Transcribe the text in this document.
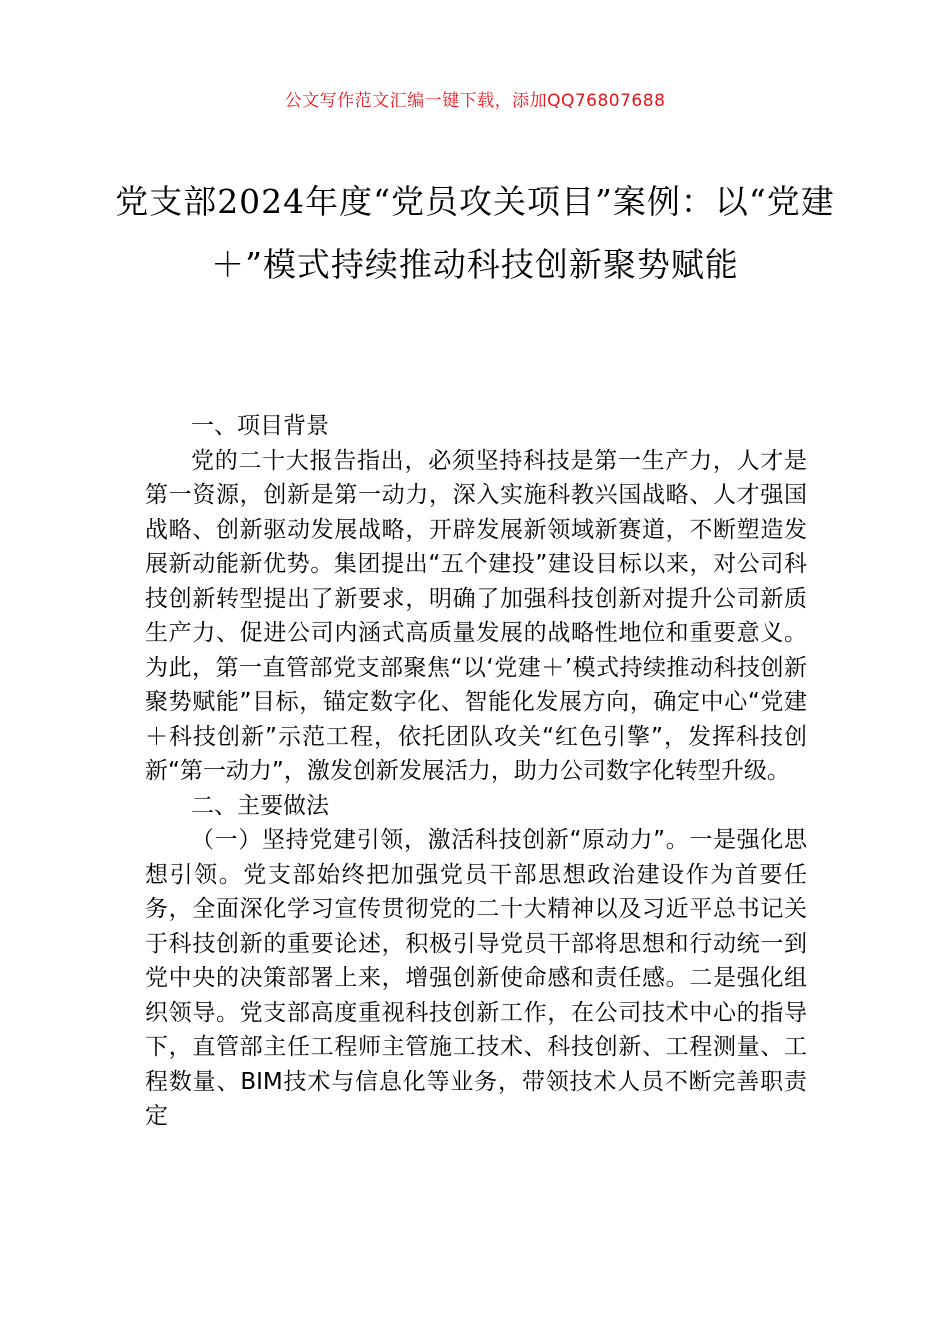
公文写作范文汇编一键下载，添加QQ76807688
党支部2024年度“党员攻关项目”案例：以“党建＋”模式持续推动科技创新聚势赋能

一、项目背景

党的二十大报告指出，必须坚持科技是第一生产力，人才是第一资源，创新是第一动力，深入实施科教兴国战略、人才强国战略、创新驱动发展战略，开辟发展新领域新赛道，不断塑造发展新动能新优势。集团提出“五个建投”建设目标以来，对公司科技创新转型提出了新要求，明确了加强科技创新对提升公司新质生产力、促进公司内涵式高质量发展的战略性地位和重要意义。为此，第一直管部党支部聚焦“以‘党建＋’模式持续推动科技创新聚势赋能”目标，锚定数字化、智能化发展方向，确定中心“党建＋科技创新”示范工程，依托团队攻关“红色引擎”，发挥科技创新“第一动力”，激发创新发展活力，助力公司数字化转型升级。

二、主要做法

（一）坚持党建引领，激活科技创新“原动力”。一是强化思想引领。党支部始终把加强党员干部思想政治建设作为首要任务，全面深化学习宣传贯彻党的二十大精神以及习近平总书记关于科技创新的重要论述，积极引导党员干部将思想和行动统一到党中央的决策部署上来，增强创新使命感和责任感。二是强化组织领导。党支部高度重视科技创新工作，在公司技术中心的指导下，直管部主任工程师主管施工技术、科技创新、工程测量、工程数量、BIM技术与信息化等业务，带领技术人员不断完善职责定
